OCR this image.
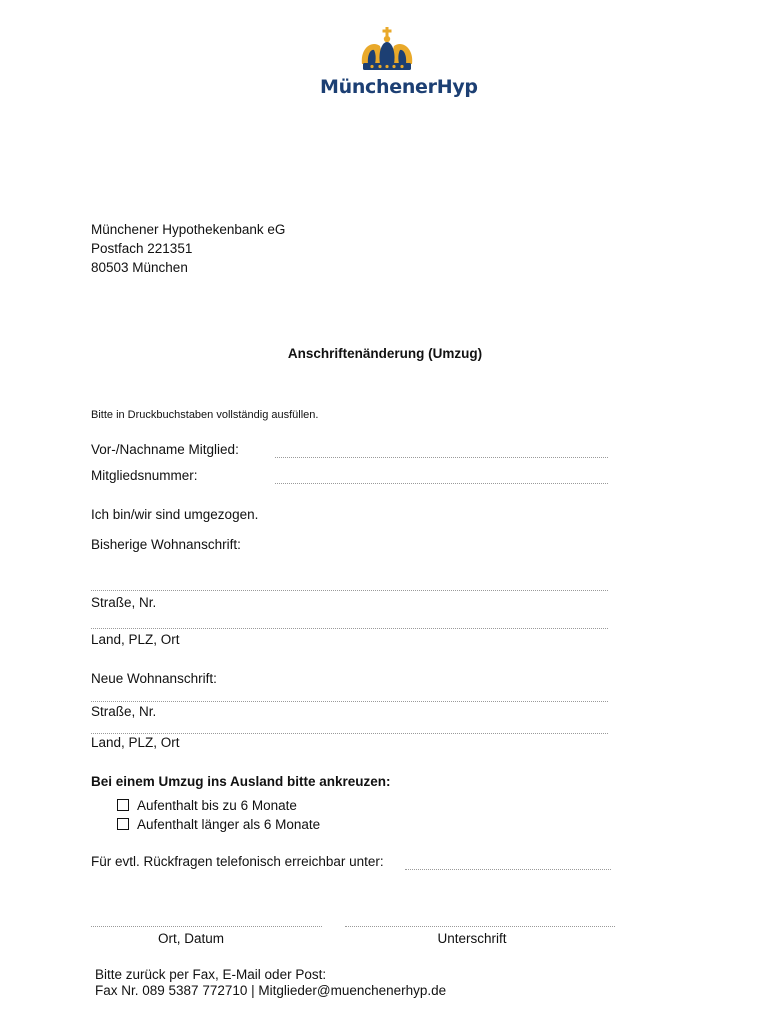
MünchenerHyp
Münchener Hypothekenbank eG
Postfach 221351
80503 München
Anschriftenänderung (Umzug)
Bitte in Druckbuchstaben vollständig ausfüllen.
Vor-/Nachname Mitglied:
Mitgliedsnummer:
Ich bin/wir sind umgezogen.
Bisherige Wohnanschrift:
Straße, Nr.
Land, PLZ, Ort
Neue Wohnanschrift:
Straße, Nr.
Land, PLZ, Ort
Bei einem Umzug ins Ausland bitte ankreuzen:
Aufenthalt bis zu 6 Monate
Aufenthalt länger als 6 Monate
Für evtl. Rückfragen telefonisch erreichbar unter:
Ort, Datum	Unterschrift
Bitte zurück per Fax, E-Mail oder Post:
Fax Nr. 089 5387 772710 | Mitglieder@muenchenerhyp.de
